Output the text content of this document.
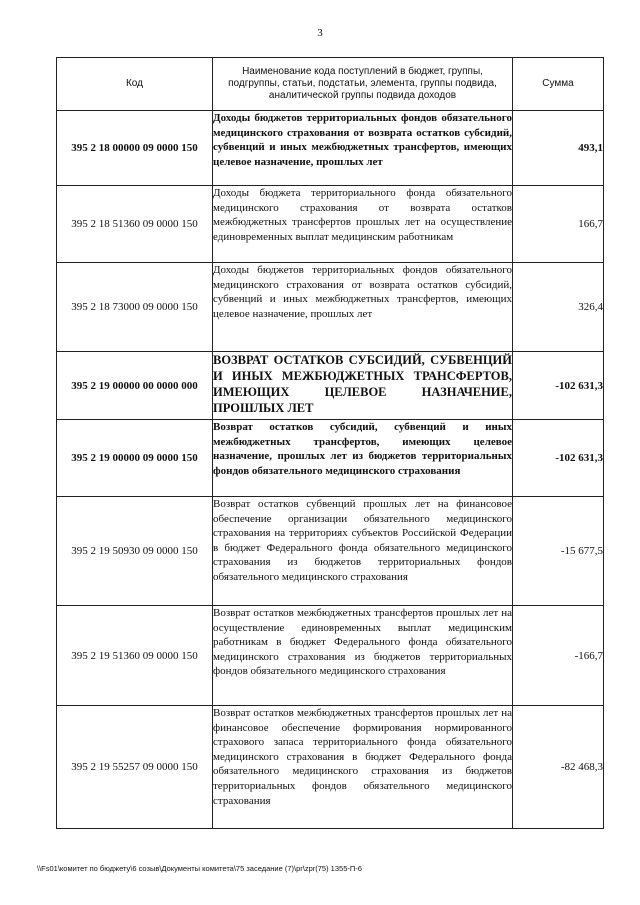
3
Код	Наименование кода поступлений в бюджет, группы, подгруппы, статьи, подстатьи, элемента, группы подвида, аналитической группы подвида доходов	Сумма
395 2 18 00000 09 0000 150	Доходы бюджетов территориальных фондов обязательного медицинского страхования от возврата остатков субсидий, субвенций и иных межбюджетных трансфертов, имеющих целевое назначение, прошлых лет	493,1
395 2 18 51360 09 0000 150	Доходы бюджета территориального фонда обязательного медицинского страхования от возврата остатков межбюджетных трансфертов прошлых лет на осуществление единовременных выплат медицинским работникам	166,7
395 2 18 73000 09 0000 150	Доходы бюджетов территориальных фондов обязательного медицинского страхования от возврата остатков субсидий, субвенций и иных межбюджетных трансфертов, имеющих целевое назначение, прошлых лет	326,4
395 2 19 00000 00 0000 000	ВОЗВРАТ ОСТАТКОВ СУБСИДИЙ, СУБВЕНЦИЙ И ИНЫХ МЕЖБЮДЖЕТНЫХ ТРАНСФЕРТОВ, ИМЕЮЩИХ ЦЕЛЕВОЕ НАЗНАЧЕНИЕ, ПРОШЛЫХ ЛЕТ	-102 631,3
395 2 19 00000 09 0000 150	Возврат остатков субсидий, субвенций и иных межбюджетных трансфертов, имеющих целевое назначение, прошлых лет из бюджетов территориальных фондов обязательного медицинского страхования	-102 631,3
395 2 19 50930 09 0000 150	Возврат остатков субвенций прошлых лет на финансовое обеспечение организации обязательного медицинского страхования на территориях субъектов Российской Федерации в бюджет Федерального фонда обязательного медицинского страхования из бюджетов территориальных фондов обязательного медицинского страхования	-15 677,5
395 2 19 51360 09 0000 150	Возврат остатков межбюджетных трансфертов прошлых лет на осуществление единовременных выплат медицинским работникам в бюджет Федерального фонда обязательного медицинского страхования из бюджетов территориальных фондов обязательного медицинского страхования	-166,7
395 2 19 55257 09 0000 150	Возврат остатков межбюджетных трансфертов прошлых лет на финансовое обеспечение формирования нормированного страхового запаса территориального фонда обязательного медицинского страхования в бюджет Федерального фонда обязательного медицинского страхования из бюджетов территориальных фондов обязательного медицинского страхования	-82 468,3
\\Fs01\комитет по бюджету\6 созыв\Документы комитета\75 заседание (7)\pr\zpr(75) 1355-П-6
